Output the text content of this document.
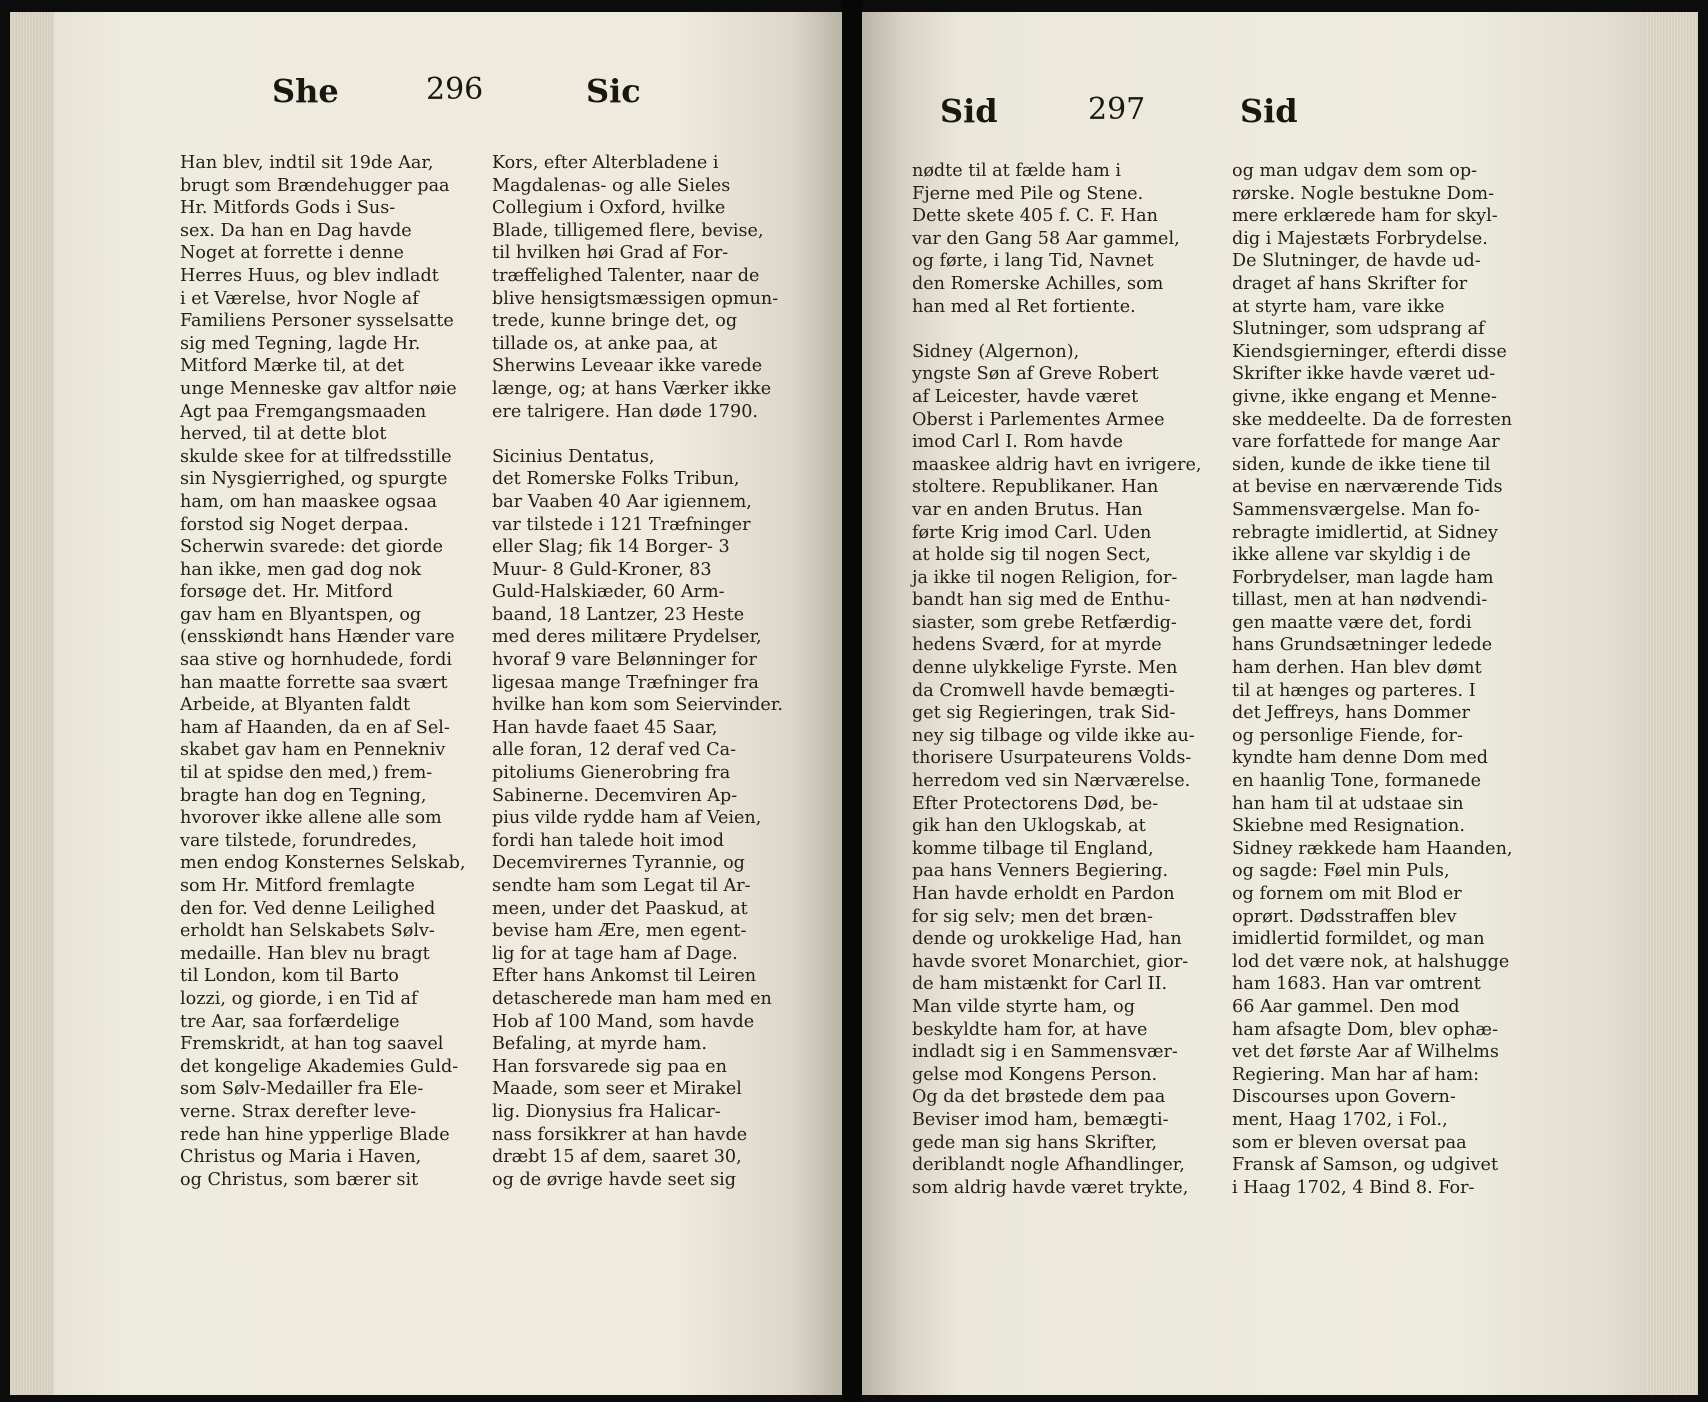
She	296	Sic
Han blev, indtil sit 19de Aar,
brugt som Brændehugger paa
Hr. Mitfords Gods i Sus-
sex. Da han en Dag havde
Noget at forrette i denne
Herres Huus, og blev indladt
i et Værelse, hvor Nogle af
Familiens Personer sysselsatte
sig med Tegning, lagde Hr.
Mitford Mærke til, at det
unge Menneske gav altfor nøie
Agt paa Fremgangsmaaden
herved, til at dette blot
skulde skee for at tilfredsstille
sin Nysgierrighed, og spurgte
ham, om han maaskee ogsaa
forstod sig Noget derpaa.
Scherwin svarede: det giorde
han ikke, men gad dog nok
forsøge det. Hr. Mitford
gav ham en Blyantspen, og
(ensskiøndt hans Hænder vare
saa stive og hornhudede, fordi
han maatte forrette saa svært
Arbeide, at Blyanten faldt
ham af Haanden, da en af Sel-
skabet gav ham en Pennekniv
til at spidse den med,) frem-
bragte han dog en Tegning,
hvorover ikke allene alle som
vare tilstede, forundredes,
men endog Konsternes Selskab,
som Hr. Mitford fremlagte
den for. Ved denne Leilighed
erholdt han Selskabets Sølv-
medaille. Han blev nu bragt
til London, kom til Barto
lozzi, og giorde, i en Tid af
tre Aar, saa forfærdelige
Fremskridt, at han tog saavel
det kongelige Akademies Guld-
som Sølv-Medailler fra Ele-
verne. Strax derefter leve-
rede han hine ypperlige Blade
Christus og Maria i Haven,
og Christus, som bærer sit
Kors, efter Alterbladene i
Magdalenas- og alle Sieles
Collegium i Oxford, hvilke
Blade, tilligemed flere, bevise,
til hvilken høi Grad af For-
træffelighed Talenter, naar de
blive hensigtsmæssigen opmun-
trede, kunne bringe det, og
tillade os, at anke paa, at
Sherwins Leveaar ikke varede
længe, og; at hans Værker ikke
ere talrigere. Han døde 1790.
Sicinius Dentatus,
det Romerske Folks Tribun,
bar Vaaben 40 Aar igiennem,
var tilstede i 121 Træfninger
eller Slag; fik 14 Borger- 3
Muur- 8 Guld-Kroner, 83
Guld-Halskiæder, 60 Arm-
baand, 18 Lantzer, 23 Heste
med deres militære Prydelser,
hvoraf 9 vare Belønninger for
ligesaa mange Træfninger fra
hvilke han kom som Seiervinder.
Han havde faaet 45 Saar,
alle foran, 12 deraf ved Ca-
pitoliums Gienerobring fra
Sabinerne. Decemviren Ap-
pius vilde rydde ham af Veien,
fordi han talede hoit imod
Decemvirernes Tyrannie, og
sendte ham som Legat til Ar-
meen, under det Paaskud, at
bevise ham Ære, men egent-
lig for at tage ham af Dage.
Efter hans Ankomst til Leiren
detascherede man ham med en
Hob af 100 Mand, som havde
Befaling, at myrde ham.
Han forsvarede sig paa en
Maade, som seer et Mirakel
lig. Dionysius fra Halicar-
nass forsikkrer at han havde
dræbt 15 af dem, saaret 30,
og de øvrige havde seet sig
Sid	297	Sid
nødte til at fælde ham i
Fjerne med Pile og Stene.
Dette skete 405 f. C. F. Han
var den Gang 58 Aar gammel,
og førte, i lang Tid, Navnet
den Romerske Achilles, som
han med al Ret fortiente.
Sidney (Algernon),
yngste Søn af Greve Robert
af Leicester, havde været
Oberst i Parlementes Armee
imod Carl I. Rom havde
maaskee aldrig havt en ivrigere,
stoltere. Republikaner. Han
var en anden Brutus. Han
førte Krig imod Carl. Uden
at holde sig til nogen Sect,
ja ikke til nogen Religion, for-
bandt han sig med de Enthu-
siaster, som grebe Retfærdig-
hedens Sværd, for at myrde
denne ulykkelige Fyrste. Men
da Cromwell havde bemægti-
get sig Regieringen, trak Sid-
ney sig tilbage og vilde ikke au-
thorisere Usurpateurens Volds-
herredom ved sin Nærværelse.
Efter Protectorens Død, be-
gik han den Uklogskab, at
komme tilbage til England,
paa hans Venners Begiering.
Han havde erholdt en Pardon
for sig selv; men det bræn-
dende og urokkelige Had, han
havde svoret Monarchiet, gior-
de ham mistænkt for Carl II.
Man vilde styrte ham, og
beskyldte ham for, at have
indladt sig i en Sammensvær-
gelse mod Kongens Person.
Og da det brøstede dem paa
Beviser imod ham, bemægti-
gede man sig hans Skrifter,
deriblandt nogle Afhandlinger,
som aldrig havde været trykte,
og man udgav dem som op-
rørske. Nogle bestukne Dom-
mere erklærede ham for skyl-
dig i Majestæts Forbrydelse.
De Slutninger, de havde ud-
draget af hans Skrifter for
at styrte ham, vare ikke
Slutninger, som udsprang af
Kiendsgierninger, efterdi disse
Skrifter ikke havde været ud-
givne, ikke engang et Menne-
ske meddeelte. Da de forresten
vare forfattede for mange Aar
siden, kunde de ikke tiene til
at bevise en nærværende Tids
Sammensværgelse. Man fo-
rebragte imidlertid, at Sidney
ikke allene var skyldig i de
Forbrydelser, man lagde ham
tillast, men at han nødvendi-
gen maatte være det, fordi
hans Grundsætninger ledede
ham derhen. Han blev dømt
til at hænges og parteres. I
det Jeffreys, hans Dommer
og personlige Fiende, for-
kyndte ham denne Dom med
en haanlig Tone, formanede
han ham til at udstaae sin
Skiebne med Resignation.
Sidney rækkede ham Haanden,
og sagde: Føel min Puls,
og fornem om mit Blod er
oprørt. Dødsstraffen blev
imidlertid formildet, og man
lod det være nok, at halshugge
ham 1683. Han var omtrent
66 Aar gammel. Den mod
ham afsagte Dom, blev ophæ-
vet det første Aar af Wilhelms
Regiering. Man har af ham:
Discourses upon Govern-
ment, Haag 1702, i Fol.,
som er bleven oversat paa
Fransk af Samson, og udgivet
i Haag 1702, 4 Bind 8. For-
